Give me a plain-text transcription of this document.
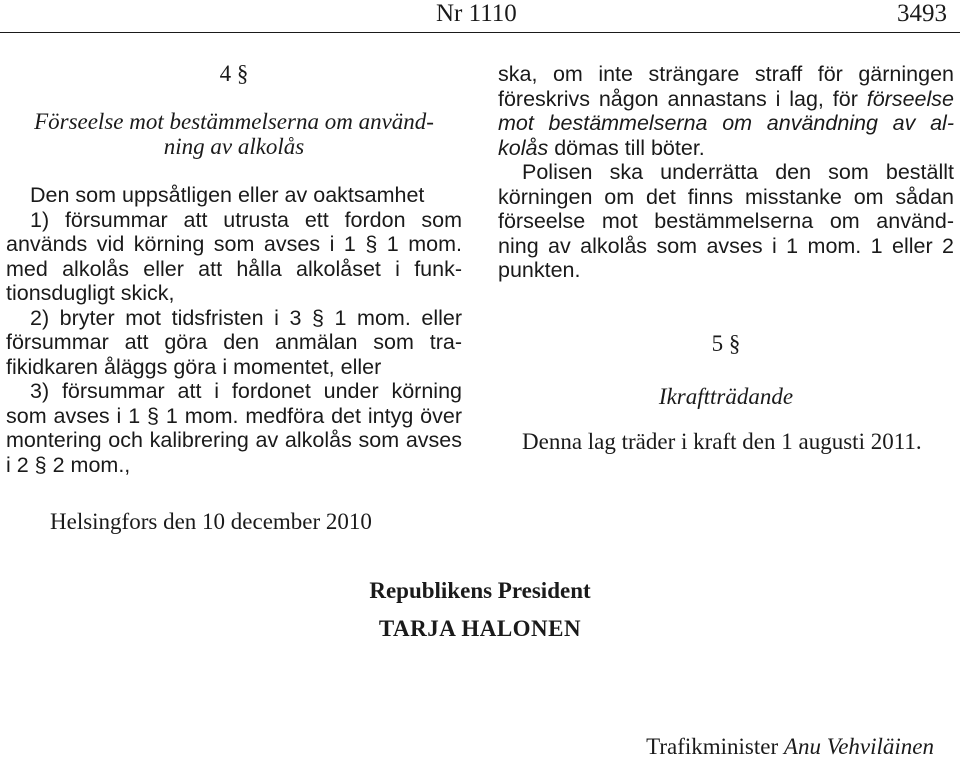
Nr 1110	3493
4 §
Förseelse mot bestämmelserna om använd-
ning av alkolås

Den som uppsåtligen eller av oaktsamhet

1) försummar att utrusta ett fordon som används vid körning som avses i 1 § 1 mom. med alkolås eller att hålla alkolåset i funk- tionsdugligt skick,

2) bryter mot tidsfristen i 3 § 1 mom. eller försummar att göra den anmälan som tra- fikidkaren åläggs göra i momentet, eller

3) försummar att i fordonet under körning som avses i 1 § 1 mom. medföra det intyg över montering och kalibrering av alkolås som avses i 2 § 2 mom.,

ska, om inte strängare straff för gärningen föreskrivs någon annastans i lag, för förseelse mot bestämmelserna om användning av al- kolås dömas till böter.

Polisen ska underrätta den som beställt körningen om det finns misstanke om sådan förseelse mot bestämmelserna om använd- ning av alkolås som avses i 1 mom. 1 eller 2 punkten.

5 §
Ikraftträdande

Denna lag träder i kraft den 1 augusti 2011.

Helsingfors den 10 december 2010
Republikens President
TARJA HALONEN
Trafikminister Anu Vehviläinen
